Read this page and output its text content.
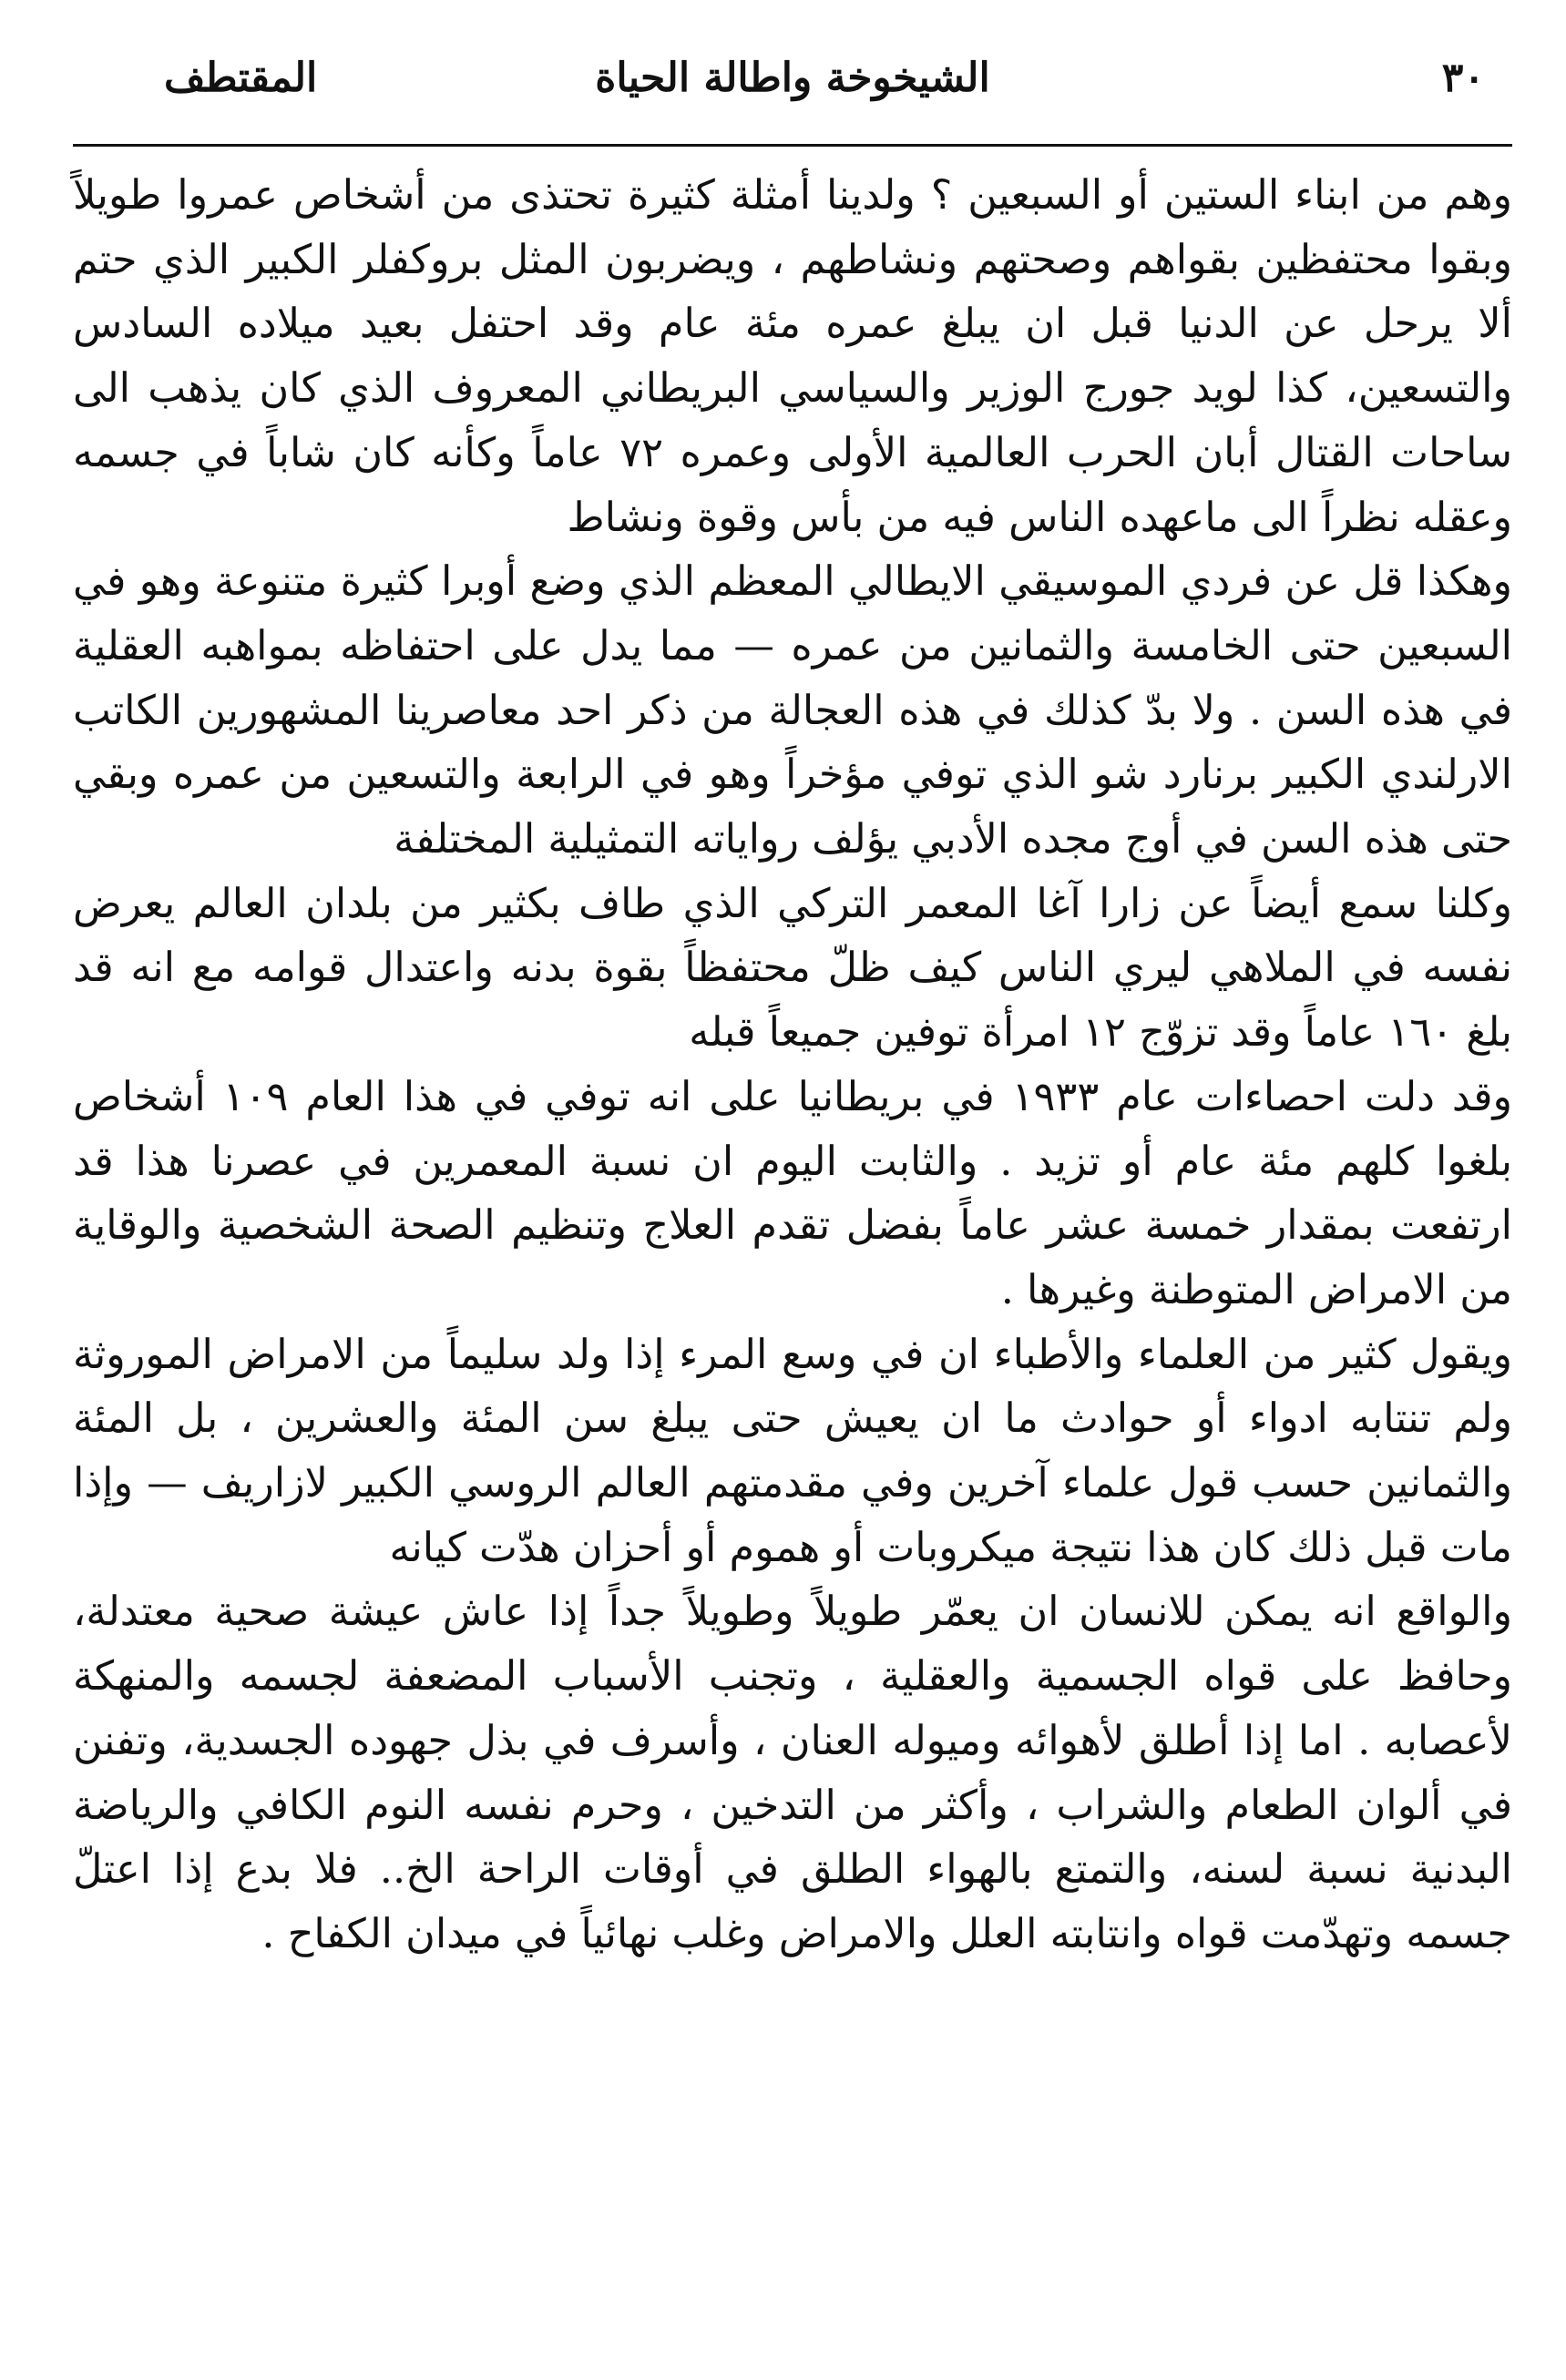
٣٠
الشيخوخة واطالة الحياة
المقتطف

وهم من ابناء الستين أو السبعين ؟ ولدينا أمثلة كثيرة تحتذى من أشخاص عمروا طويلاً وبقوا محتفظين بقواهم وصحتهم ونشاطهم ، ويضربون المثل بروكفلر الكبير الذي حتم ألا يرحل عن الدنيا قبل ان يبلغ عمره مئة عام وقد احتفل بعيد ميلاده السادس والتسعين، كذا لويد جورج الوزير والسياسي البريطاني المعروف الذي كان يذهب الى ساحات القتال أبان الحرب العالمية الأولى وعمره ٧٢ عاماً وكأنه كان شاباً في جسمه وعقله نظراً الى ماعهده الناس فيه من بأس وقوة ونشاط

وهكذا قل عن فردي الموسيقي الايطالي المعظم الذي وضع أوبرا كثيرة متنوعة وهو في السبعين حتى الخامسة والثمانين من عمره — مما يدل على احتفاظه بمواهبه العقلية في هذه السن . ولا بدّ كذلك في هذه العجالة من ذكر احد معاصرينا المشهورين الكاتب الارلندي الكبير برنارد شو الذي توفي مؤخراً وهو في الرابعة والتسعين من عمره وبقي حتى هذه السن في أوج مجده الأدبي يؤلف رواياته التمثيلية المختلفة

وكلنا سمع أيضاً عن زارا آغا المعمر التركي الذي طاف بكثير من بلدان العالم يعرض نفسه في الملاهي ليري الناس كيف ظلّ محتفظاً بقوة بدنه واعتدال قوامه مع انه قد بلغ ١٦٠ عاماً وقد تزوّج ١٢ امرأة توفين جميعاً قبله

وقد دلت احصاءات عام ١٩٣٣ في بريطانيا على انه توفي في هذا العام ١٠٩ أشخاص بلغوا كلهم مئة عام أو تزيد . والثابت اليوم ان نسبة المعمرين في عصرنا هذا قد ارتفعت بمقدار خمسة عشر عاماً بفضل تقدم العلاج وتنظيم الصحة الشخصية والوقاية من الامراض المتوطنة وغيرها .

ويقول كثير من العلماء والأطباء ان في وسع المرء إذا ولد سليماً من الامراض الموروثة ولم تنتابه ادواء أو حوادث ما ان يعيش حتى يبلغ سن المئة والعشرين ، بل المئة والثمانين حسب قول علماء آخرين وفي مقدمتهم العالم الروسي الكبير لازاريف — وإذا مات قبل ذلك كان هذا نتيجة ميكروبات أو هموم أو أحزان هدّت كيانه

والواقع انه يمكن للانسان ان يعمّر طويلاً وطويلاً جداً إذا عاش عيشة صحية معتدلة، وحافظ على قواه الجسمية والعقلية ، وتجنب الأسباب المضعفة لجسمه والمنهكة لأعصابه . اما إذا أطلق لأهوائه وميوله العنان ، وأسرف في بذل جهوده الجسدية، وتفنن في ألوان الطعام والشراب ، وأكثر من التدخين ، وحرم نفسه النوم الكافي والرياضة البدنية نسبة لسنه، والتمتع بالهواء الطلق في أوقات الراحة الخ.. فلا بدع إذا اعتلّ جسمه وتهدّمت قواه وانتابته العلل والامراض وغلب نهائياً في ميدان الكفاح .
